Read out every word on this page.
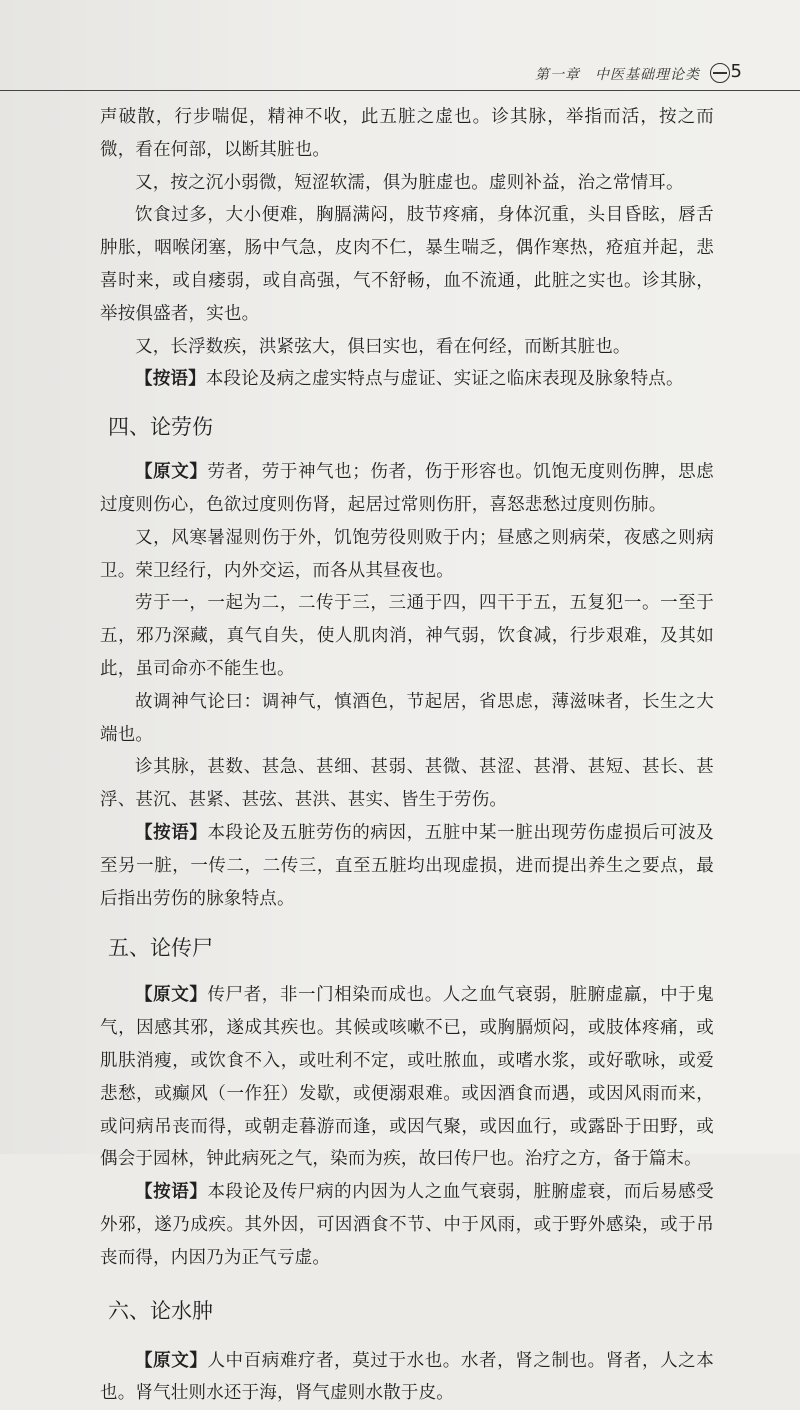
第一章　中医基础理论类 5

声破散，行步喘促，精神不收，此五脏之虚也。诊其脉，举指而活，按之而微，看在何部，以断其脏也。

又，按之沉小弱微，短涩软濡，俱为脏虚也。虚则补益，治之常情耳。

饮食过多，大小便难，胸膈满闷，肢节疼痛，身体沉重，头目昏眩，唇舌肿胀，咽喉闭塞，肠中气急，皮肉不仁，暴生喘乏，偶作寒热，疮疽并起，悲喜时来，或自痿弱，或自高强，气不舒畅，血不流通，此脏之实也。诊其脉，举按俱盛者，实也。

又，长浮数疾，洪紧弦大，俱曰实也，看在何经，而断其脏也。

【按语】本段论及病之虚实特点与虚证、实证之临床表现及脉象特点。

四、论劳伤

【原文】劳者，劳于神气也；伤者，伤于形容也。饥饱无度则伤脾，思虑过度则伤心，色欲过度则伤肾，起居过常则伤肝，喜怒悲愁过度则伤肺。

又，风寒暑湿则伤于外，饥饱劳役则败于内；昼感之则病荣，夜感之则病卫。荣卫经行，内外交运，而各从其昼夜也。

劳于一，一起为二，二传于三，三通于四，四干于五，五复犯一。一至于五，邪乃深藏，真气自失，使人肌肉消，神气弱，饮食减，行步艰难，及其如此，虽司命亦不能生也。

故调神气论曰：调神气，慎酒色，节起居，省思虑，薄滋味者，长生之大端也。

诊其脉，甚数、甚急、甚细、甚弱、甚微、甚涩、甚滑、甚短、甚长、甚浮、甚沉、甚紧、甚弦、甚洪、甚实、皆生于劳伤。

【按语】本段论及五脏劳伤的病因，五脏中某一脏出现劳伤虚损后可波及至另一脏，一传二，二传三，直至五脏均出现虚损，进而提出养生之要点，最后指出劳伤的脉象特点。

五、论传尸

【原文】传尸者，非一门相染而成也。人之血气衰弱，脏腑虚羸，中于鬼气，因感其邪，遂成其疾也。其候或咳嗽不已，或胸膈烦闷，或肢体疼痛，或肌肤消瘦，或饮食不入，或吐利不定，或吐脓血，或嗜水浆，或好歌咏，或爱悲愁，或癫风（一作狂）发歇，或便溺艰难。或因酒食而遇，或因风雨而来，或问病吊丧而得，或朝走暮游而逢，或因气聚，或因血行，或露卧于田野，或偶会于园林，钟此病死之气，染而为疾，故曰传尸也。治疗之方，备于篇末。

【按语】本段论及传尸病的内因为人之血气衰弱，脏腑虚衰，而后易感受外邪，遂乃成疾。其外因，可因酒食不节、中于风雨，或于野外感染，或于吊丧而得，内因乃为正气亏虚。

六、论水肿

【原文】人中百病难疗者，莫过于水也。水者，肾之制也。肾者，人之本也。肾气壮则水还于海，肾气虚则水散于皮。
